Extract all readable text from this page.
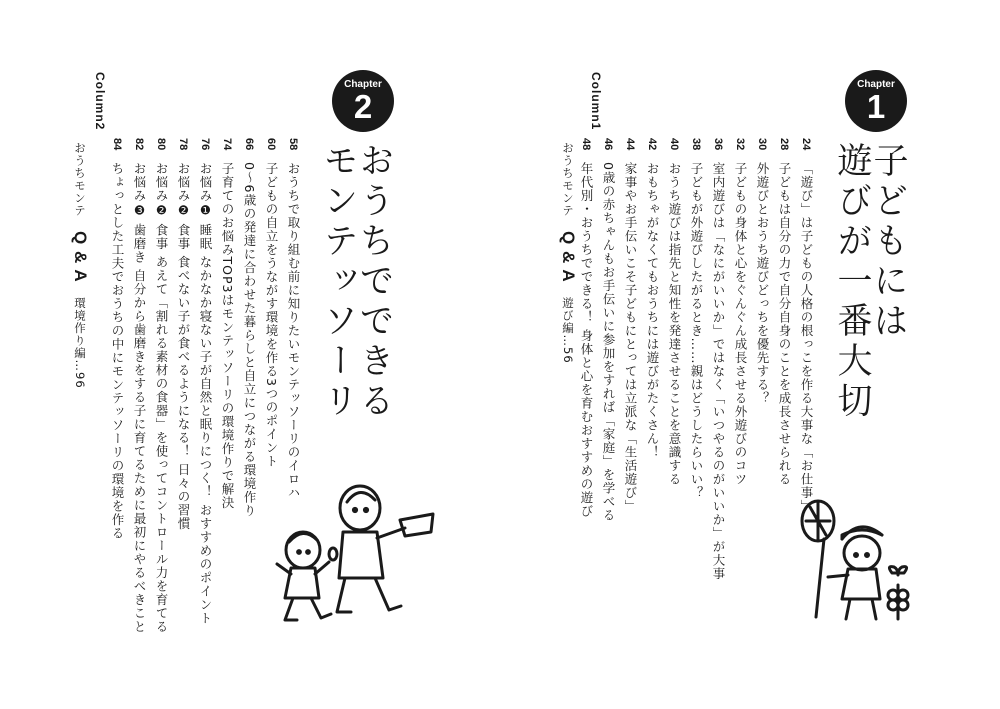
Chapter
2
おうちでできる
モンテッソーリ
58 おうちで取り組む前に知りたいモンテッソーリのイロハ
60 子どもの自立をうながす環境を作る3つのポイント
66 0～6歳の発達に合わせた暮らしと自立につながる環境作り
74 子育てのお悩みTOP3はモンテッソーリの環境作りで解決
76 お悩み❶ 睡眠 なかなか寝ない子が自然と眠りにつく！ おすすめのポイント
78 お悩み❷ 食事 食べない子が食べるようになる！ 日々の習慣
80 お悩み❷ 食事 あえて「割れる素材の食器」を使ってコントロール力を育てる
82 お悩み❸ 歯磨き 自分から歯磨きをする子に育てるために最初にやるべきこと
84 ちょっとした工夫でおうちの中にモンテッソーリの環境を作る
Column2
おうちモンテ Q & A 環境作り編…96
Chapter
1
子どもには
遊びが一番大切
24 「遊び」は子どもの人格の根っこを作る大事な「お仕事」
28 子どもは自分の力で自分自身のことを成長させられる
30 外遊びとおうち遊びどっちを優先する？
32 子どもの身体と心をぐんぐん成長させる外遊びのコツ
36 室内遊びは「なにがいいか」ではなく「いつやるのがいいか」が大事
38 子どもが外遊びしたがるとき……親はどうしたらいい？
40 おうち遊びは指先と知性を発達させることを意識する
42 おもちゃがなくてもおうちには遊びがたくさん！
44 家事やお手伝いこそ子どもにとっては立派な「生活遊び」
46 0歳の赤ちゃんもお手伝いに参加をすれば「家庭」を学べる
48 年代別・おうちでできる！ 身体と心を育むおすすめの遊び
Column1
おうちモンテ Q & A 遊び編…56
